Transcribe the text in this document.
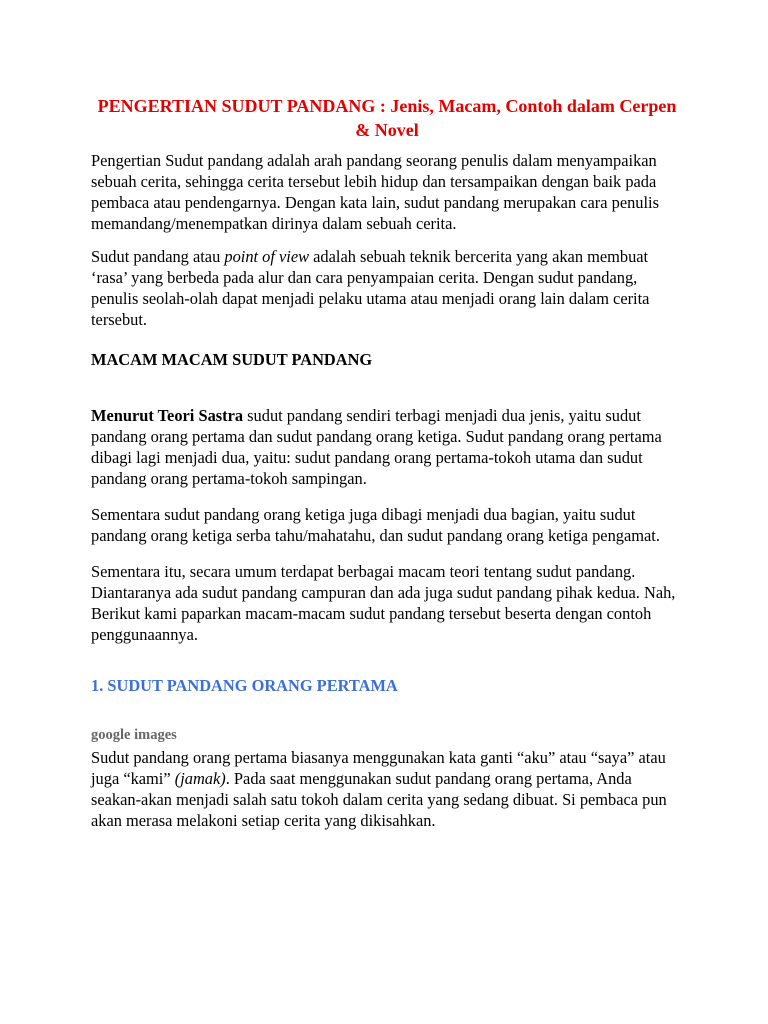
PENGERTIAN SUDUT PANDANG : Jenis, Macam, Contoh dalam Cerpen & Novel

Pengertian Sudut pandang adalah arah pandang seorang penulis dalam menyampaikan sebuah cerita, sehingga cerita tersebut lebih hidup dan tersampaikan dengan baik pada pembaca atau pendengarnya. Dengan kata lain, sudut pandang merupakan cara penulis memandang/menempatkan dirinya dalam sebuah cerita.

Sudut pandang atau point of view adalah sebuah teknik bercerita yang akan membuat ‘rasa’ yang berbeda pada alur dan cara penyampaian cerita. Dengan sudut pandang, penulis seolah-olah dapat menjadi pelaku utama atau menjadi orang lain dalam cerita tersebut.

MACAM MACAM SUDUT PANDANG

Menurut Teori Sastra sudut pandang sendiri terbagi menjadi dua jenis, yaitu sudut pandang orang pertama dan sudut pandang orang ketiga. Sudut pandang orang pertama dibagi lagi menjadi dua, yaitu: sudut pandang orang pertama-tokoh utama dan sudut pandang orang pertama-tokoh sampingan.

Sementara sudut pandang orang ketiga juga dibagi menjadi dua bagian, yaitu sudut pandang orang ketiga serba tahu/mahatahu, dan sudut pandang orang ketiga pengamat.

Sementara itu, secara umum terdapat berbagai macam teori tentang sudut pandang. Diantaranya ada sudut pandang campuran dan ada juga sudut pandang pihak kedua. Nah, Berikut kami paparkan macam-macam sudut pandang tersebut beserta dengan contoh penggunaannya.

1. SUDUT PANDANG ORANG PERTAMA

google images

Sudut pandang orang pertama biasanya menggunakan kata ganti “aku” atau “saya” atau juga “kami” (jamak). Pada saat menggunakan sudut pandang orang pertama, Anda seakan-akan menjadi salah satu tokoh dalam cerita yang sedang dibuat. Si pembaca pun akan merasa melakoni setiap cerita yang dikisahkan.
